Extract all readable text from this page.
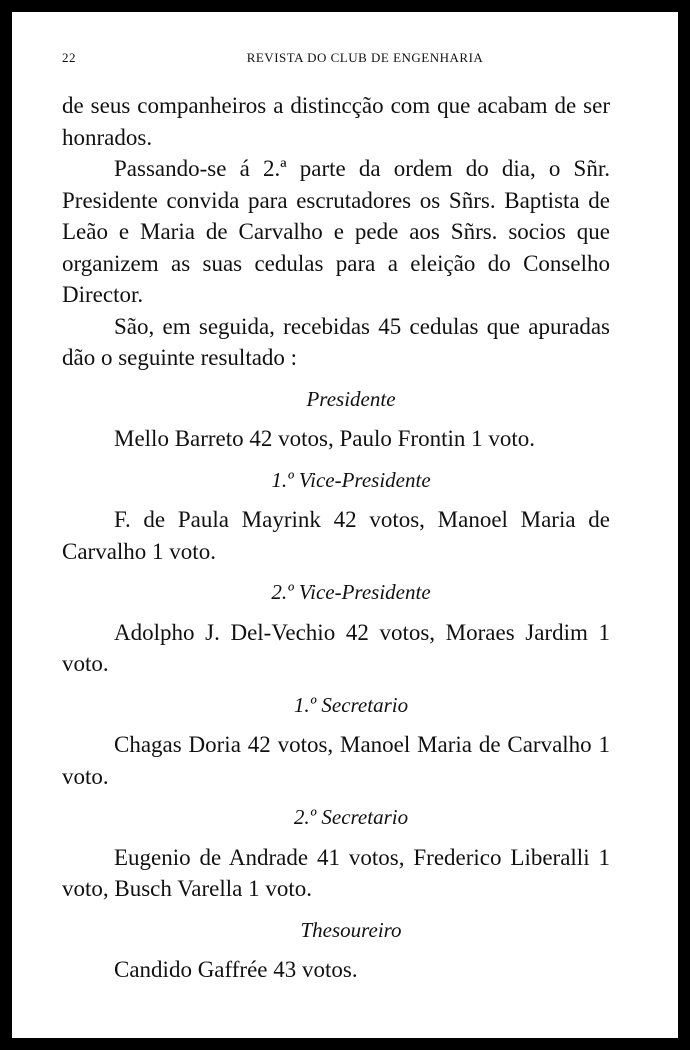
22	REVISTA DO CLUB DE ENGENHARIA

de seus companheiros a distincção com que acabam de ser honrados.

Passando-se á 2.ª parte da ordem do dia, o Sñr. Presidente convida para escrutadores os Sñrs. Baptista de Leão e Maria de Carvalho e pede aos Sñrs. socios que organizem as suas cedulas para a eleição do Conselho Director.

São, em seguida, recebidas 45 cedulas que apuradas dão o seguinte resultado :

Presidente

Mello Barreto 42 votos, Paulo Frontin 1 voto.

1.º Vice-Presidente

F. de Paula Mayrink 42 votos, Manoel Maria de Carvalho 1 voto.

2.º Vice-Presidente

Adolpho J. Del-Vechio 42 votos, Moraes Jardim 1 voto.

1.º Secretario

Chagas Doria 42 votos, Manoel Maria de Carvalho 1 voto.

2.º Secretario

Eugenio de Andrade 41 votos, Frederico Liberalli 1 voto, Busch Varella 1 voto.

Thesoureiro

Candido Gaffrée 43 votos.
